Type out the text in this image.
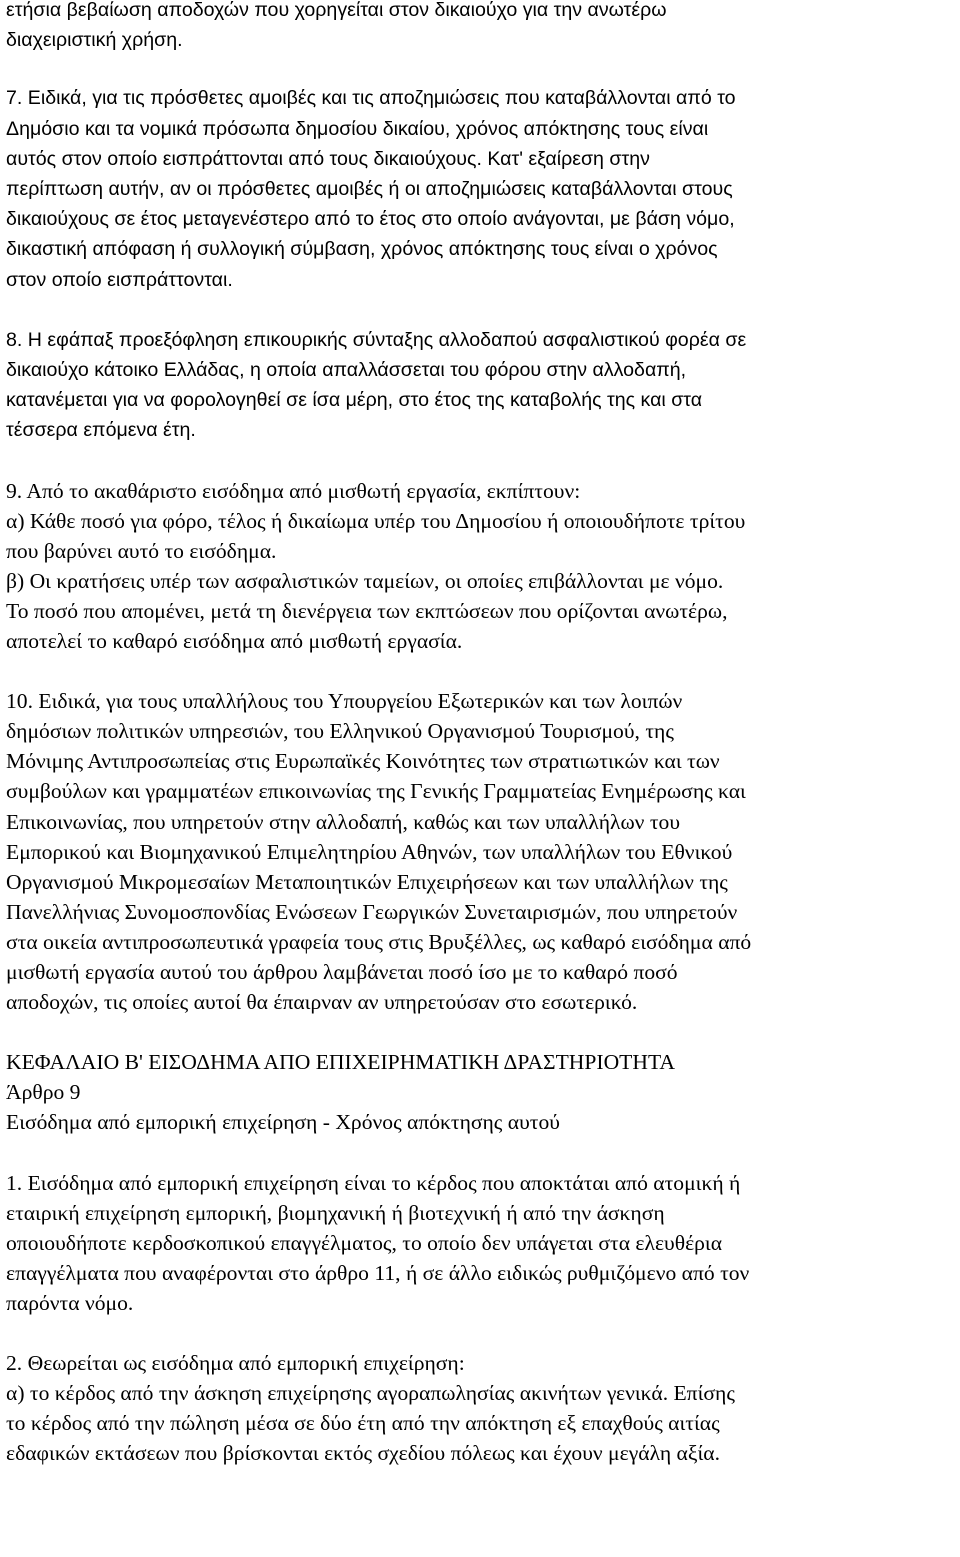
ετήσια βεβαίωση αποδοχών που χορηγείται στον δικαιούχο για την ανωτέρω
διαχειριστική χρήση.

7. Ειδικά, για τις πρόσθετες αμοιβές και τις αποζημιώσεις που καταβάλλονται από το
Δημόσιο και τα νομικά πρόσωπα δημοσίου δικαίου, χρόνος απόκτησης τους είναι
αυτός στον οποίο εισπράττονται από τους δικαιούχους. Κατ' εξαίρεση στην
περίπτωση αυτήν, αν οι πρόσθετες αμοιβές ή οι αποζημιώσεις καταβάλλονται στους
δικαιούχους σε έτος μεταγενέστερο από το έτος στο οποίο ανάγονται, με βάση νόμο,
δικαστική απόφαση ή συλλογική σύμβαση, χρόνος απόκτησης τους είναι ο χρόνος
στον οποίο εισπράττονται.

8. Η εφάπαξ προεξόφληση επικουρικής σύνταξης αλλοδαπού ασφαλιστικού φορέα σε
δικαιούχο κάτοικο Ελλάδας, η οποία απαλλάσσεται του φόρου στην αλλοδαπή,
κατανέμεται για να φορολογηθεί σε ίσα μέρη, στο έτος της καταβολής της και στα
τέσσερα επόμενα έτη.

9. Από το ακαθάριστο εισόδημα από μισθωτή εργασία, εκπίπτουν:
α) Κάθε ποσό για φόρο, τέλος ή δικαίωμα υπέρ του Δημοσίου ή οποιουδήποτε τρίτου
που βαρύνει αυτό το εισόδημα.
β) Οι κρατήσεις υπέρ των ασφαλιστικών ταμείων, οι οποίες επιβάλλονται με νόμο.
Το ποσό που απομένει, μετά τη διενέργεια των εκπτώσεων που ορίζονται ανωτέρω,
αποτελεί το καθαρό εισόδημα από μισθωτή εργασία.

10. Ειδικά, για τους υπαλλήλους του Υπουργείου Εξωτερικών και των λοιπών
δημόσιων πολιτικών υπηρεσιών, του Ελληνικού Οργανισμού Τουρισμού, της
Μόνιμης Αντιπροσωπείας στις Ευρωπαϊκές Κοινότητες των στρατιωτικών και των
συμβούλων και γραμματέων επικοινωνίας της Γενικής Γραμματείας Ενημέρωσης και
Επικοινωνίας, που υπηρετούν στην αλλοδαπή, καθώς και των υπαλλήλων του
Εμπορικού και Βιομηχανικού Επιμελητηρίου Αθηνών, των υπαλλήλων του Εθνικού
Οργανισμού Μικρομεσαίων Μεταποιητικών Επιχειρήσεων και των υπαλλήλων της
Πανελλήνιας Συνομοσπονδίας Ενώσεων Γεωργικών Συνεταιρισμών, που υπηρετούν
στα οικεία αντιπροσωπευτικά γραφεία τους στις Βρυξέλλες, ως καθαρό εισόδημα από
μισθωτή εργασία αυτού του άρθρου λαμβάνεται ποσό ίσο με το καθαρό ποσό
αποδοχών, τις οποίες αυτοί θα έπαιρναν αν υπηρετούσαν στο εσωτερικό.

ΚΕΦΑΛΑΙΟ Β' ΕΙΣΟΔΗΜΑ ΑΠΟ ΕΠΙΧΕΙΡΗΜΑΤΙΚΗ ΔΡΑΣΤΗΡΙΟΤΗΤΑ

Άρθρο 9

Εισόδημα από εμπορική επιχείρηση - Χρόνος απόκτησης αυτού

1. Εισόδημα από εμπορική επιχείρηση είναι το κέρδος που αποκτάται από ατομική ή
εταιρική επιχείρηση εμπορική, βιομηχανική ή βιοτεχνική ή από την άσκηση
οποιουδήποτε κερδοσκοπικού επαγγέλματος, το οποίο δεν υπάγεται στα ελευθέρια
επαγγέλματα που αναφέρονται στο άρθρο 11, ή σε άλλο ειδικώς ρυθμιζόμενο από τον
παρόντα νόμο.

2. Θεωρείται ως εισόδημα από εμπορική επιχείρηση:
α) το κέρδος από την άσκηση επιχείρησης αγοραπωλησίας ακινήτων γενικά. Επίσης
το κέρδος από την πώληση μέσα σε δύο έτη από την απόκτηση εξ επαχθούς αιτίας
εδαφικών εκτάσεων που βρίσκονται εκτός σχεδίου πόλεως και έχουν μεγάλη αξία.
